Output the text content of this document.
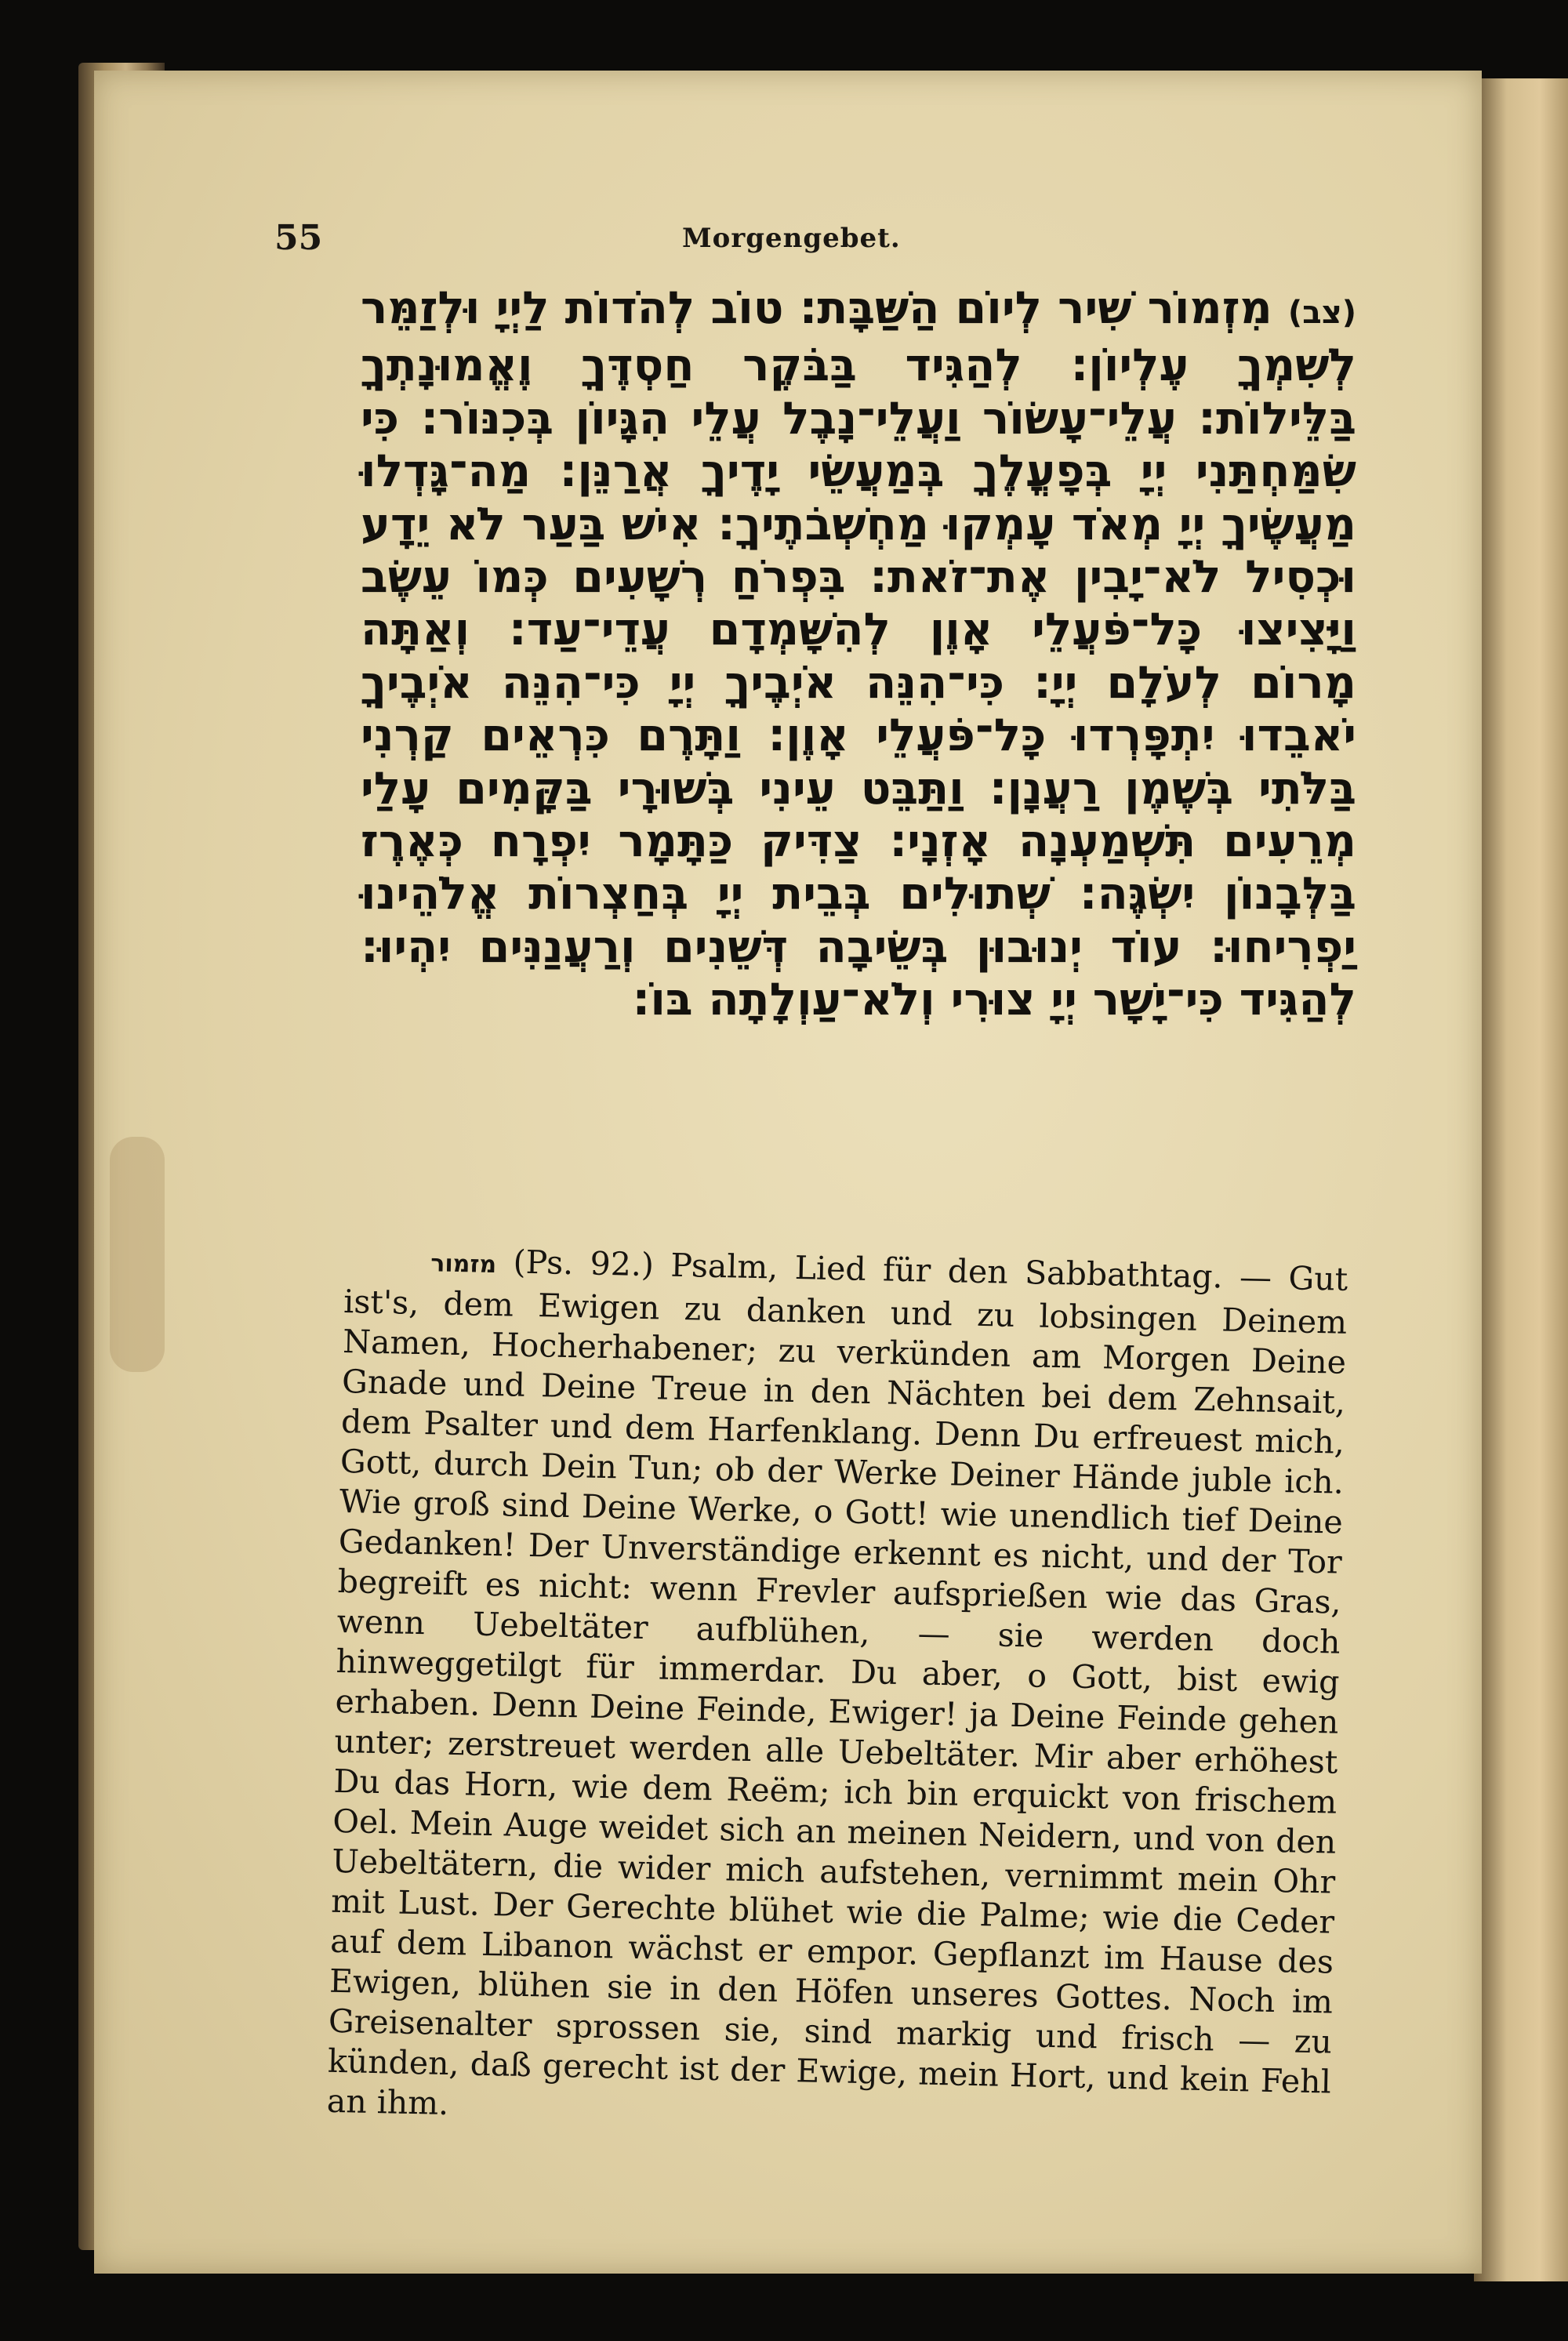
55	Morgengebet.
(צב) מִזְמוֹר שִׁיר לְיוֹם הַשַּׁבָּת: טוֹב לְהֹדוֹת לַיְיָ וּלְזַמֵּר לְשִׁמְךָ עֶלְיוֹן: לְהַגִּיד בַּבֹּקֶר חַסְדֶּךָ וֶאֱמוּנָתְךָ בַּלֵּילוֹת: עֲלֵי־עָשׂוֹר וַעֲלֵי־נָבֶל עֲלֵי הִגָּיוֹן בְּכִנּוֹר: כִּי שִׂמַּחְתַּנִי יְיָ בְּפָעֳלֶךָ בְּמַעֲשֵׂי יָדֶיךָ אֲרַנֵּן: מַה־גָּדְלוּ מַעֲשֶׂיךָ יְיָ מְאֹד עָמְקוּ מַחְשְׁבֹתֶיךָ: אִישׁ בַּעַר לֹא יֵדָע וּכְסִיל לֹא־יָבִין אֶת־זֹאת: בִּפְרֹחַ רְשָׁעִים כְּמוֹ עֵשֶׂב וַיָּצִיצוּ כָּל־פֹּעֲלֵי אָוֶן לְהִשָּׁמְדָם עֲדֵי־עַד: וְאַתָּה מָרוֹם לְעֹלָם יְיָ: כִּי־הִנֵּה אֹיְבֶיךָ יְיָ כִּי־הִנֵּה אֹיְבֶיךָ יֹאבֵדוּ יִתְפָּרְדוּ כָּל־פֹּעֲלֵי אָוֶן: וַתָּרֶם כִּרְאֵים קַרְנִי בַּלֹּתִי בְּשֶׁמֶן רַעֲנָן: וַתַּבֵּט עֵינִי בְּשׁוּרָי בַּקָּמִים עָלַי מְרֵעִים תִּשְׁמַעְנָה אָזְנָי: צַדִּיק כַּתָּמָר יִפְרָח כְּאֶרֶז בַּלְּבָנוֹן יִשְׂגֶּה: שְׁתוּלִים בְּבֵית יְיָ בְּחַצְרוֹת אֱלֹהֵינוּ יַפְרִיחוּ: עוֹד יְנוּבוּן בְּשֵׂיבָה דְּשֵׁנִים וְרַעֲנַנִּים יִהְיוּ: לְהַגִּיד כִּי־יָשָׁר יְיָ צוּרִי וְלֹא־עַוְלָתָה בּוֹ:
מזמור (Ps. 92.) Psalm, Lied für den Sabbathtag. — Gut ist's, dem Ewigen zu danken und zu lobsingen Deinem Namen, Hocherhabener; zu verkünden am Morgen Deine Gnade und Deine Treue in den Nächten bei dem Zehnsait, dem Psalter und dem Harfenklang. Denn Du erfreuest mich, Gott, durch Dein Tun; ob der Werke Deiner Hände juble ich. Wie groß sind Deine Werke, o Gott! wie unendlich tief Deine Gedanken! Der Unverständige erkennt es nicht, und der Tor begreift es nicht: wenn Frevler aufsprießen wie das Gras, wenn Uebeltäter aufblühen, — sie werden doch hinweggetilgt für immerdar. Du aber, o Gott, bist ewig erhaben. Denn Deine Feinde, Ewiger! ja Deine Feinde gehen unter; zerstreuet werden alle Uebeltäter. Mir aber erhöhest Du das Horn, wie dem Reëm; ich bin erquickt von frischem Oel. Mein Auge weidet sich an meinen Neidern, und von den Uebeltätern, die wider mich aufstehen, vernimmt mein Ohr mit Lust. Der Gerechte blühet wie die Palme; wie die Ceder auf dem Libanon wächst er empor. Gepflanzt im Hause des Ewigen, blühen sie in den Höfen unseres Gottes. Noch im Greisenalter sprossen sie, sind markig und frisch — zu künden, daß gerecht ist der Ewige, mein Hort, und kein Fehl an ihm.
